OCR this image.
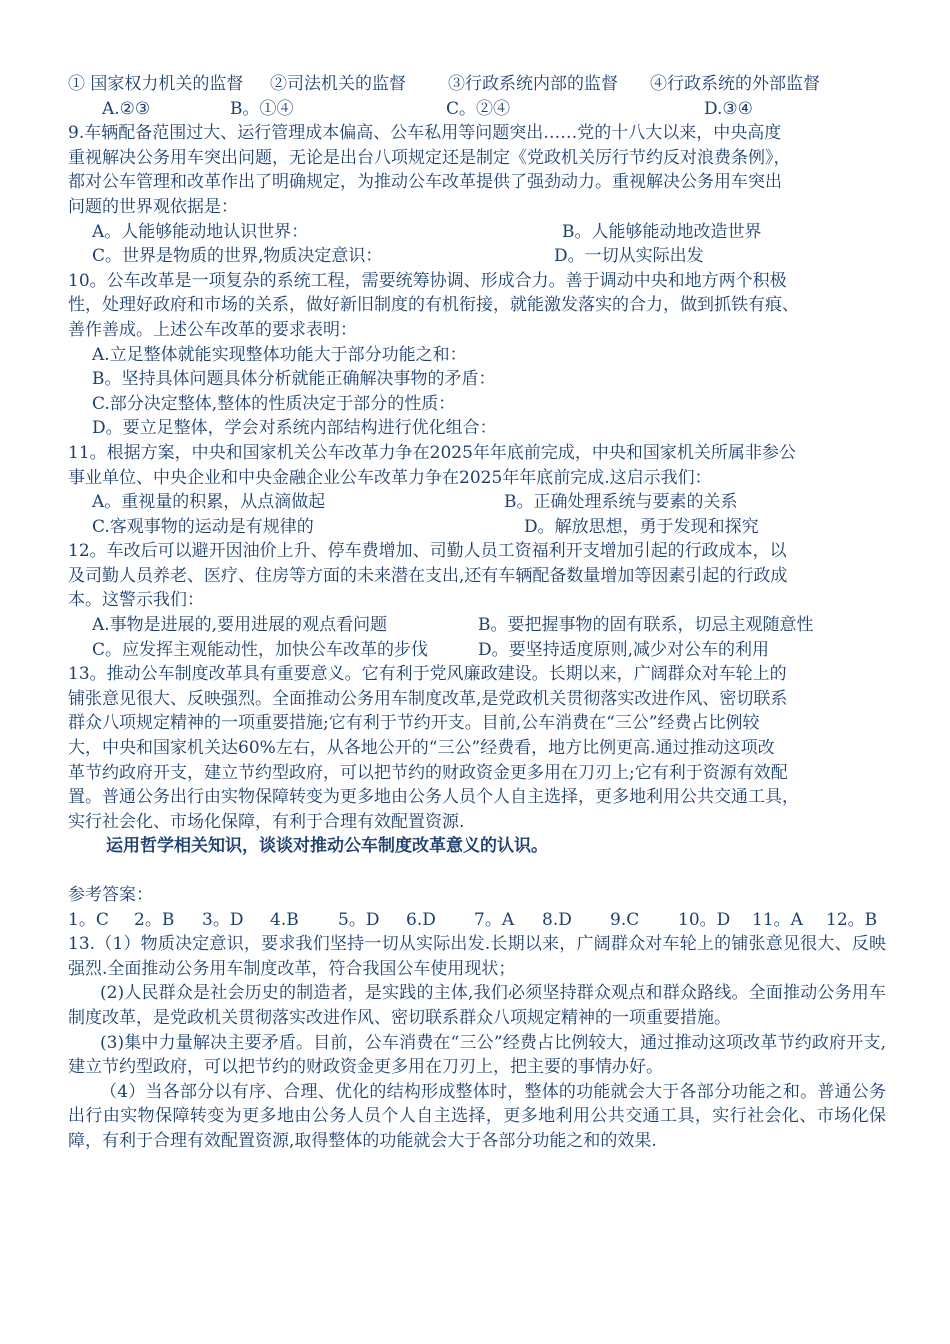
① 国家权力机关的监督	②司法机关的监督	③行政系统内部的监督	④行政系统的外部监督
A.②③	B。①④	C。②④	D.③④
9.车辆配备范围过大、运行管理成本偏高、公车私用等问题突出……党的十八大以来，中央高度
重视解决公务用车突出问题，无论是出台八项规定还是制定《党政机关厉行节约反对浪费条例》，
都对公车管理和改革作出了明确规定，为推动公车改革提供了强劲动力。重视解决公务用车突出
问题的世界观依据是：
A。人能够能动地认识世界：	B。人能够能动地改造世界
C。世界是物质的世界,物质决定意识：	D。一切从实际出发
10。公车改革是一项复杂的系统工程，需要统筹协调、形成合力。善于调动中央和地方两个积极
性，处理好政府和市场的关系，做好新旧制度的有机衔接，就能激发落实的合力，做到抓铁有痕、
善作善成。上述公车改革的要求表明：
A.立足整体就能实现整体功能大于部分功能之和：
B。坚持具体问题具体分析就能正确解决事物的矛盾：
C.部分决定整体,整体的性质决定于部分的性质：
D。要立足整体，学会对系统内部结构进行优化组合：
11。根据方案，中央和国家机关公车改革力争在2025年年底前完成，中央和国家机关所属非参公
事业单位、中央企业和中央金融企业公车改革力争在2025年年底前完成.这启示我们：
A。重视量的积累，从点滴做起	B。正确处理系统与要素的关系
C.客观事物的运动是有规律的	D。解放思想，勇于发现和探究
12。车改后可以避开因油价上升、停车费增加、司勤人员工资福利开支增加引起的行政成本，以
及司勤人员养老、医疗、住房等方面的未来潜在支出,还有车辆配备数量增加等因素引起的行政成
本。这警示我们：
A.事物是进展的,要用进展的观点看问题	B。要把握事物的固有联系，切忌主观随意性
C。应发挥主观能动性，加快公车改革的步伐	D。要坚持适度原则,减少对公车的利用
13。推动公车制度改革具有重要意义。它有利于党风廉政建设。长期以来，广阔群众对车轮上的
铺张意见很大、反映强烈。全面推动公务用车制度改革,是党政机关贯彻落实改进作风、密切联系
群众八项规定精神的一项重要措施;它有利于节约开支。目前,公车消费在“三公”经费占比例较
大，中央和国家机关达60%左右，从各地公开的“三公”经费看，地方比例更高.通过推动这项改
革节约政府开支，建立节约型政府，可以把节约的财政资金更多用在刀刃上;它有利于资源有效配
置。普通公务出行由实物保障转变为更多地由公务人员个人自主选择，更多地利用公共交通工具，
实行社会化、市场化保障，有利于合理有效配置资源.
运用哲学相关知识，谈谈对推动公车制度改革意义的认识。
参考答案：
1。C	2。B	3。D	4.B	5。D	6.D	7。A	8.D	9.C	10。D	11。A	12。B
13.（1）物质决定意识，要求我们坚持一切从实际出发.长期以来，广阔群众对车轮上的铺张意见很大、反映强烈.全面推动公务用车制度改革，符合我国公车使用现状；
(2)人民群众是社会历史的制造者，是实践的主体,我们必须坚持群众观点和群众路线。全面推动公务用车制度改革，是党政机关贯彻落实改进作风、密切联系群众八项规定精神的一项重要措施。
(3)集中力量解决主要矛盾。目前，公车消费在“三公”经费占比例较大，通过推动这项改革节约政府开支,建立节约型政府，可以把节约的财政资金更多用在刀刃上，把主要的事情办好。
（4）当各部分以有序、合理、优化的结构形成整体时，整体的功能就会大于各部分功能之和。普通公务出行由实物保障转变为更多地由公务人员个人自主选择，更多地利用公共交通工具，实行社会化、市场化保障，有利于合理有效配置资源,取得整体的功能就会大于各部分功能之和的效果.
